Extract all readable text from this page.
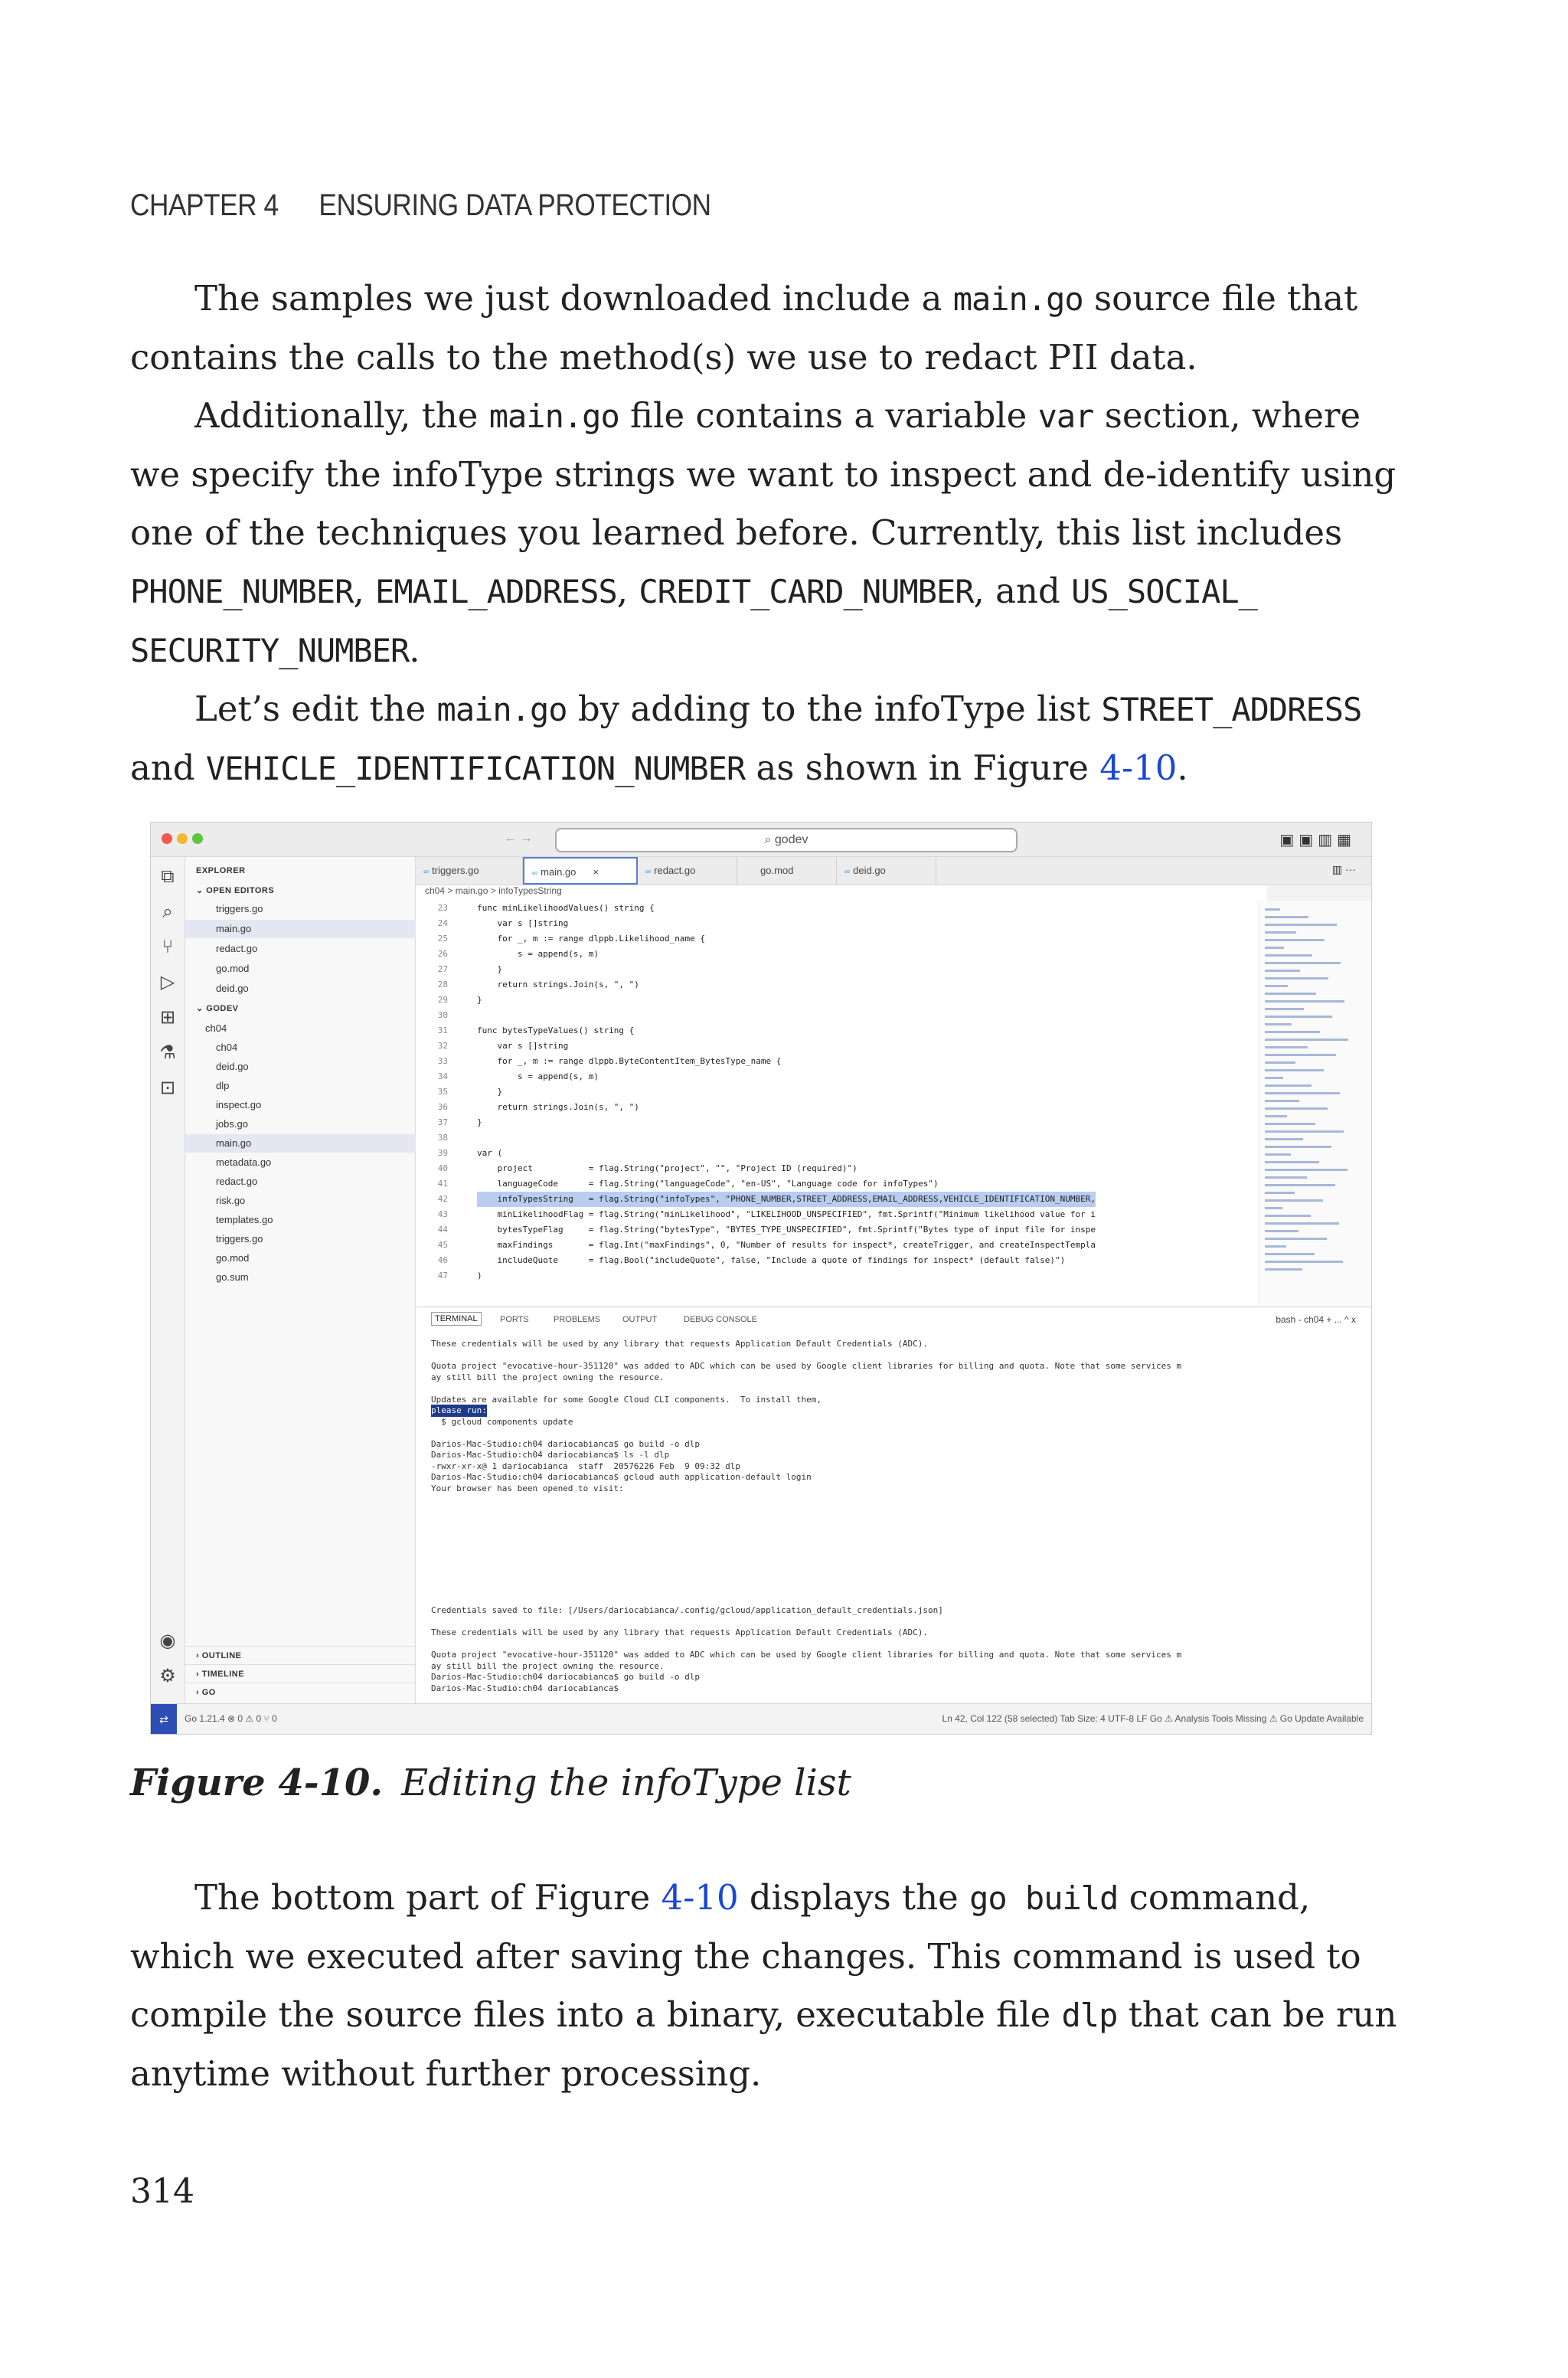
CHAPTER 4 ENSURING DATA PROTECTION

The samples we just downloaded include a main.go source file that contains the calls to the method(s) we use to redact PII data.

Additionally, the main.go file contains a variable var section, where we specify the infoType strings we want to inspect and de-identify using one of the techniques you learned before. Currently, this list includes PHONE_NUMBER, EMAIL_ADDRESS, CREDIT_CARD_NUMBER, and US_SOCIAL_
SECURITY_NUMBER.

Let’s edit the main.go by adding to the infoType list STREET_ADDRESS
and VEHICLE_IDENTIFICATION_NUMBER as shown in Figure 4-10.

← →	⌕ godev	▣▣▥▦
⧉
⌕
⑂
▷
⊞
⚗
⊡
◉
⚙
EXPLORER
⌄ OPEN EDITORS
triggers.go
main.go
redact.go
go.mod
deid.go
⌄ GODEV
ch04
ch04
deid.go
dlp
inspect.go
jobs.go
main.go
metadata.go
redact.go
risk.go
templates.go
triggers.go
go.mod
go.sum
› OUTLINE
› TIMELINE
› GO
∞ triggers.go	∞ main.go ×	∞ redact.go	go.mod	∞ deid.go	▥ ···
ch04 > main.go > infoTypesString
23	func minLikelihoodValues() string {
24	var s []string
25	for _, m := range dlppb.Likelihood_name {
26	s = append(s, m)
27	}
28	return strings.Join(s, ", ")
29	}
30
31	func bytesTypeValues() string {
32	var s []string
33	for _, m := range dlppb.ByteContentItem_BytesType_name {
34	s = append(s, m)
35	}
36	return strings.Join(s, ", ")
37	}
38
39	var (
40	project           = flag.String("project", "", "Project ID (required)")
41	languageCode      = flag.String("languageCode", "en-US", "Language code for infoTypes")
42	infoTypesString   = flag.String("infoTypes", "PHONE_NUMBER,STREET_ADDRESS,EMAIL_ADDRESS,VEHICLE_IDENTIFICATION_NUMBER,
43	minLikelihoodFlag = flag.String("minLikelihood", "LIKELIHOOD_UNSPECIFIED", fmt.Sprintf("Minimum likelihood value for i
44	bytesTypeFlag     = flag.String("bytesType", "BYTES_TYPE_UNSPECIFIED", fmt.Sprintf("Bytes type of input file for inspe
45	maxFindings       = flag.Int("maxFindings", 0, "Number of results for inspect*, createTrigger, and createInspectTempla
46	includeQuote      = flag.Bool("includeQuote", false, "Include a quote of findings for inspect* (default false)")
47	)
TERMINAL	PORTS	PROBLEMS	OUTPUT	DEBUG CONSOLE	bash - ch04 + ... ^ x
These credentials will be used by any library that requests Application Default Credentials (ADC).
Quota project "evocative-hour-351120" was added to ADC which can be used by Google client libraries for billing and quota. Note that some services m
ay still bill the project owning the resource.
Updates are available for some Google Cloud CLI components.  To install them,
please run:
$ gcloud components update
Darios-Mac-Studio:ch04 dariocabianca$ go build -o dlp
Darios-Mac-Studio:ch04 dariocabianca$ ls -l dlp
-rwxr-xr-x@ 1 dariocabianca  staff  20576226 Feb  9 09:32 dlp
Darios-Mac-Studio:ch04 dariocabianca$ gcloud auth application-default login
Your browser has been opened to visit:
Credentials saved to file: [/Users/dariocabianca/.config/gcloud/application_default_credentials.json]
These credentials will be used by any library that requests Application Default Credentials (ADC).
Quota project "evocative-hour-351120" was added to ADC which can be used by Google client libraries for billing and quota. Note that some services m
ay still bill the project owning the resource.
Darios-Mac-Studio:ch04 dariocabianca$ go build -o dlp
Darios-Mac-Studio:ch04 dariocabianca$
⇄	Go 1.21.4 ⊗ 0 ⚠ 0 ⑂ 0	Ln 42, Col 122 (58 selected) Tab Size: 4 UTF-8 LF Go ⚠ Analysis Tools Missing ⚠ Go Update Available
Figure 4-10. Editing the infoType list

The bottom part of Figure 4-10 displays the go build command, which we executed after saving the changes. This command is used to compile the source files into a binary, executable file dlp that can be run anytime without further processing.

314
